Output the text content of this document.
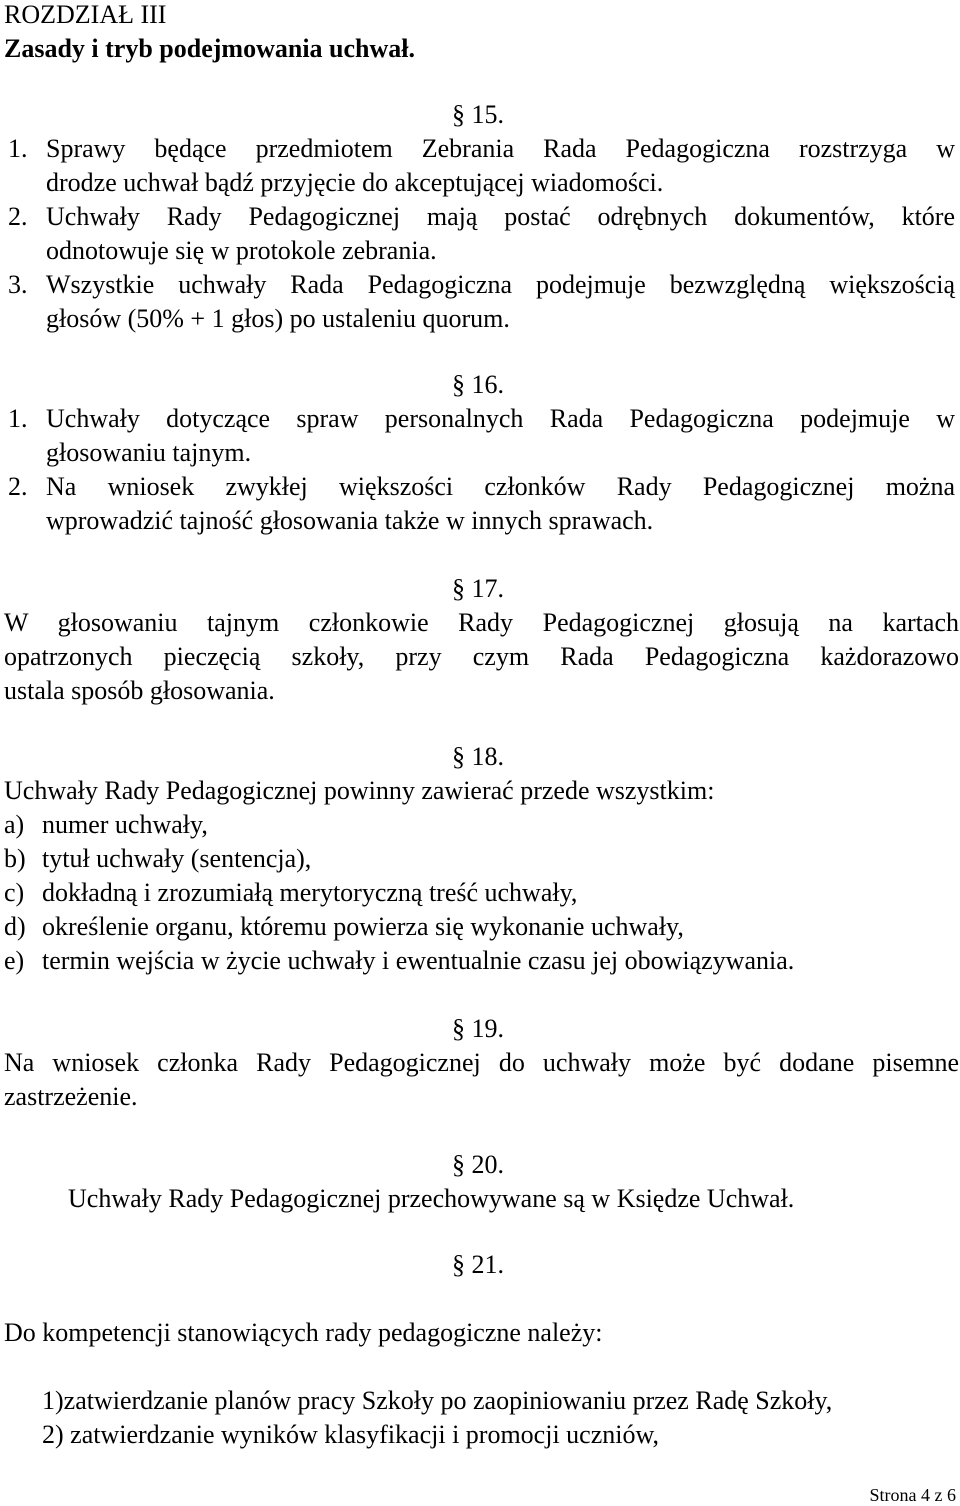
ROZDZIAŁ III
Zasady i tryb podejmowania uchwał.
§ 15.
1. Sprawy będące przedmiotem Zebrania Rada Pedagogiczna rozstrzyga w
drodze uchwał bądź przyjęcie do akceptującej wiadomości.
2. Uchwały Rady Pedagogicznej mają postać odrębnych dokumentów, które
odnotowuje się w protokole zebrania.
3. Wszystkie uchwały Rada Pedagogiczna podejmuje bezwzględną większością
głosów (50% + 1 głos) po ustaleniu quorum.
§ 16.
1. Uchwały dotyczące spraw personalnych Rada Pedagogiczna podejmuje w
głosowaniu tajnym.
2. Na wniosek zwykłej większości członków Rady Pedagogicznej można
wprowadzić tajność głosowania także w innych sprawach.
§ 17.
W głosowaniu tajnym członkowie Rady Pedagogicznej głosują na kartach
opatrzonych pieczęcią szkoły, przy czym Rada Pedagogiczna każdorazowo
ustala sposób głosowania.
§ 18.
Uchwały Rady Pedagogicznej powinny zawierać przede wszystkim:
a) numer uchwały,
b) tytuł uchwały (sentencja),
c) dokładną i zrozumiałą merytoryczną treść uchwały,
d) określenie organu, któremu powierza się wykonanie uchwały,
e) termin wejścia w życie uchwały i ewentualnie czasu jej obowiązywania.
§ 19.
Na wniosek członka Rady Pedagogicznej do uchwały może być dodane pisemne
zastrzeżenie.
§ 20.
Uchwały Rady Pedagogicznej przechowywane są w Księdze Uchwał.
§ 21.
Do kompetencji stanowiących rady pedagogiczne należy:
1)zatwierdzanie planów pracy Szkoły po zaopiniowaniu przez Radę Szkoły,
2) zatwierdzanie wyników klasyfikacji i promocji uczniów,
Strona 4 z 6
